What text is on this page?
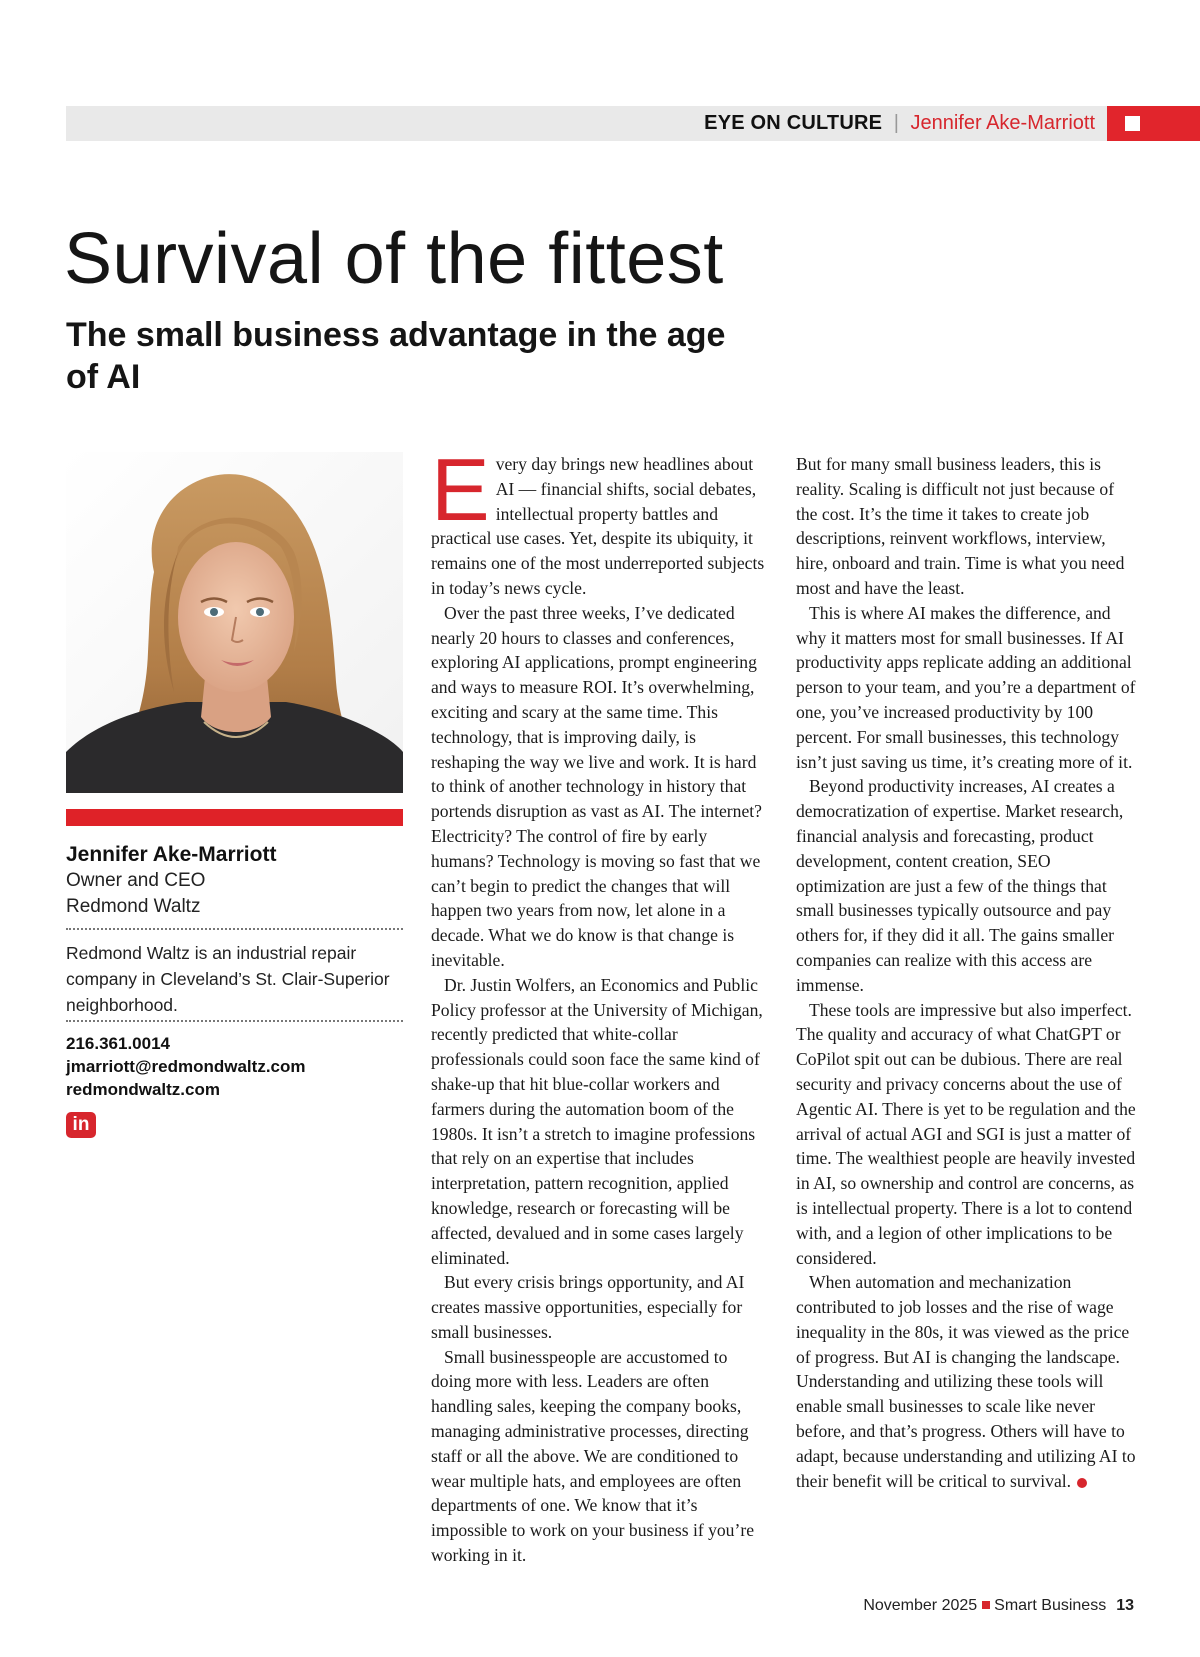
EYE ON CULTURE | Jennifer Ake-Marriott
Survival of the fittest
The small business advantage in the age of AI
Jennifer Ake-Marriott
Owner and CEO
Redmond Waltz
Redmond Waltz is an industrial repair company in Cleveland’s St. Clair-Superior neighborhood.
216.361.0014
jmarriott@redmondwaltz.com
redmondwaltz.com
in

Every day brings new headlines about AI — financial shifts, social debates, intellectual property battles and practical use cases. Yet, despite its ubiquity, it remains one of the most underreported subjects in today’s news cycle.

Over the past three weeks, I’ve dedicated nearly 20 hours to classes and conferences, exploring AI applications, prompt engineering and ways to measure ROI. It’s overwhelming, exciting and scary at the same time. This technology, that is improving daily, is reshaping the way we live and work. It is hard to think of another technology in history that portends disruption as vast as AI. The internet? Electricity? The control of fire by early humans? Technology is moving so fast that we can’t begin to predict the changes that will happen two years from now, let alone in a decade. What we do know is that change is inevitable.

Dr. Justin Wolfers, an Economics and Public Policy professor at the University of Michigan, recently predicted that white-collar professionals could soon face the same kind of shake-up that hit blue-collar workers and farmers during the automation boom of the 1980s. It isn’t a stretch to imagine professions that rely on an expertise that includes interpretation, pattern recognition, applied knowledge, research or forecasting will be affected, devalued and in some cases largely eliminated.

But every crisis brings opportunity, and AI creates massive opportunities, especially for small businesses.

Small businesspeople are accustomed to doing more with less. Leaders are often handling sales, keeping the company books, managing administrative processes, directing staff or all the above. We are conditioned to wear multiple hats, and employees are often departments of one. We know that it’s impossible to work on your business if you’re working in it.

But for many small business leaders, this is reality. Scaling is difficult not just because of the cost. It’s the time it takes to create job descriptions, reinvent workflows, interview, hire, onboard and train. Time is what you need most and have the least.

This is where AI makes the difference, and why it matters most for small businesses. If AI productivity apps replicate adding an additional person to your team, and you’re a department of one, you’ve increased productivity by 100 percent. For small businesses, this technology isn’t just saving us time, it’s creating more of it.

Beyond productivity increases, AI creates a democratization of expertise. Market research, financial analysis and forecasting, product development, content creation, SEO optimization are just a few of the things that small businesses typically outsource and pay others for, if they did it all. The gains smaller companies can realize with this access are immense.

These tools are impressive but also imperfect. The quality and accuracy of what ChatGPT or CoPilot spit out can be dubious. There are real security and privacy concerns about the use of Agentic AI. There is yet to be regulation and the arrival of actual AGI and SGI is just a matter of time. The wealthiest people are heavily invested in AI, so ownership and control are concerns, as is intellectual property. There is a lot to contend with, and a legion of other implications to be considered.

When automation and mechanization contributed to job losses and the rise of wage inequality in the 80s, it was viewed as the price of progress. But AI is changing the landscape. Understanding and utilizing these tools will enable small businesses to scale like never before, and that’s progress. Others will have to adapt, because understanding and utilizing AI to their benefit will be critical to survival.

November 2025 Smart Business 13
